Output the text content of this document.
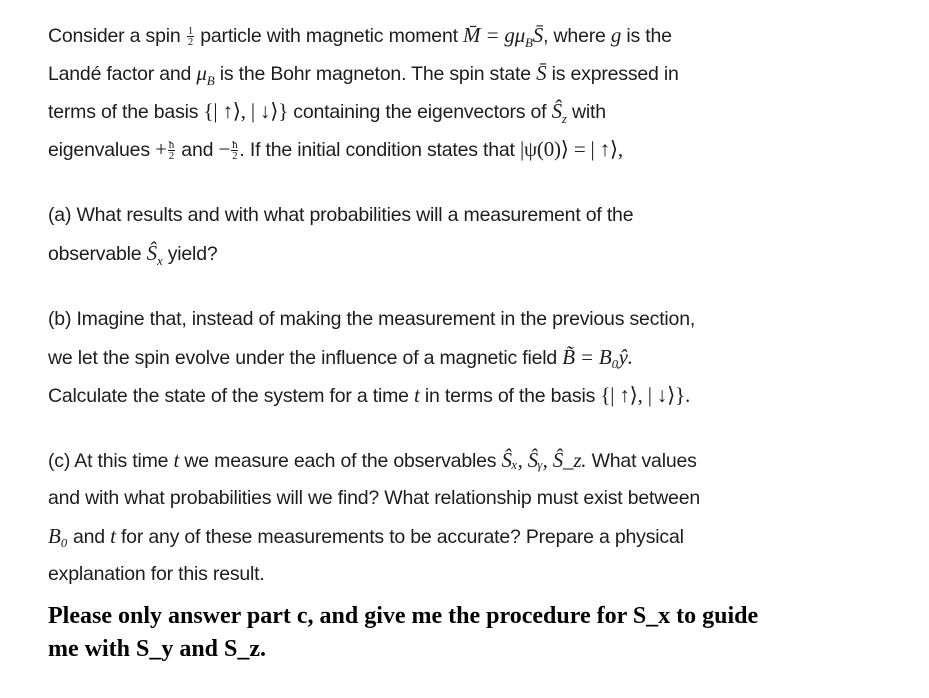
Consider a spin $\frac{1}{2}$ particle with magnetic moment M̄ = $g\mu_BS̄$, where g is the
Landé factor and $\mu_B$ is the Bohr magneton. The spin state S̄ is expressed in
terms of the basis {| ↑⟩, | ↓⟩} containing the eigenvectors of $Ŝ_z$ with
eigenvalues + $\frac{ħ}{2}$ and − $\frac{ħ}{2}$ . If the initial condition states that |ψ(0)⟩ = | ↑⟩,
(a) What results and with what probabilities will a measurement of the
observable $Ŝ_x$ yield?
(b) Imagine that, instead of making the measurement in the previous section,
we let the spin evolve under the influence of a magnetic field B̃ = B₀ŷ.
Calculate the state of the system for a time t in terms of the basis {| ↑⟩, | ↓⟩}.
(c) At this time t we measure each of the observables Ŝₓ, Ŝᵧ, Ŝ_z. What values
and with what probabilities will we find? What relationship must exist between
B₀ and t for any of these measurements to be accurate? Prepare a physical
explanation for this result.
Please only answer part c, and give me the procedure for S_x to guide
me with S_y and S_z.
